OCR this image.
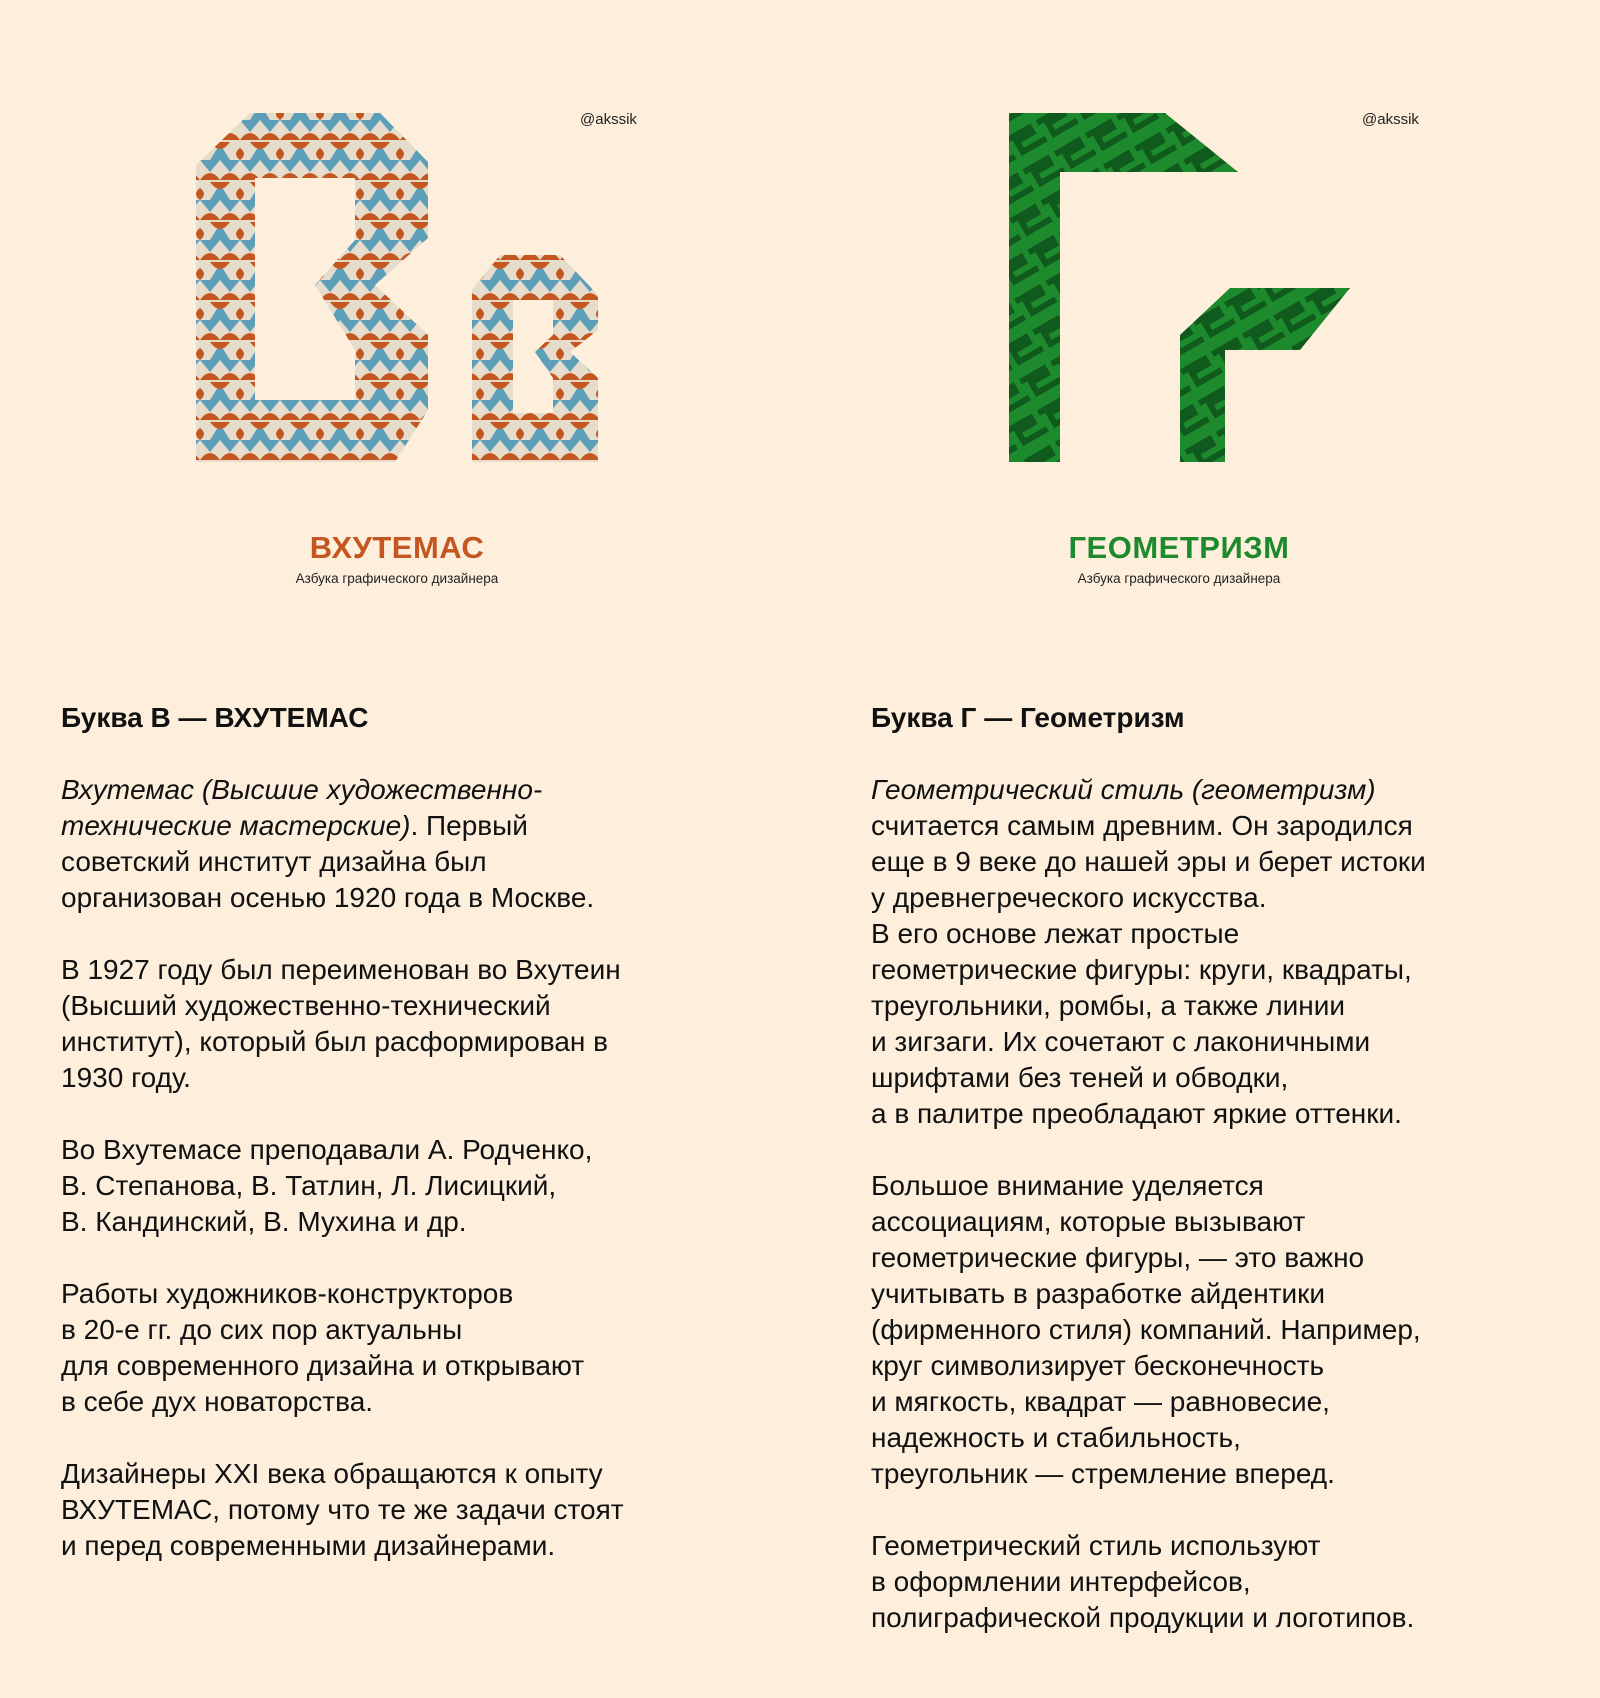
@akssik
ВХУТЕМАС
Азбука графического дизайнера
@akssik
ГЕОМЕТРИЗМ
Азбука графического дизайнера
Буква В — ВХУТЕМАС
Вхутемас (Высшие художественно-
технические мастерские). Первый
советский институт дизайна был
организован осенью 1920 года в Москве.
В 1927 году был переименован во Вхутеин
(Высший художественно-технический
институт), который был расформирован в
1930 году.
Во Вхутемасе преподавали А. Родченко,
В. Степанова, В. Татлин, Л. Лисицкий,
В. Кандинский, В. Мухина и др.
Работы художников-конструкторов
в 20-е гг. до сих пор актуальны
для современного дизайна и открывают
в себе дух новаторства.
Дизайнеры XXI века обращаются к опыту
ВХУТЕМАС, потому что те же задачи стоят
и перед современными дизайнерами.
Буква Г — Геометризм
Геометрический стиль (геометризм)
считается самым древним. Он зародился
еще в 9 веке до нашей эры и берет истоки
у древнегреческого искусства.
В его основе лежат простые
геометрические фигуры: круги, квадраты,
треугольники, ромбы, а также линии
и зигзаги. Их сочетают с лаконичными
шрифтами без теней и обводки,
а в палитре преобладают яркие оттенки.
Большое внимание уделяется
ассоциациям, которые вызывают
геометрические фигуры, — это важно
учитывать в разработке айдентики
(фирменного стиля) компаний. Например,
круг символизирует бесконечность
и мягкость, квадрат — равновесие,
надежность и стабильность,
треугольник — стремление вперед.
Геометрический стиль используют
в оформлении интерфейсов,
полиграфической продукции и логотипов.
